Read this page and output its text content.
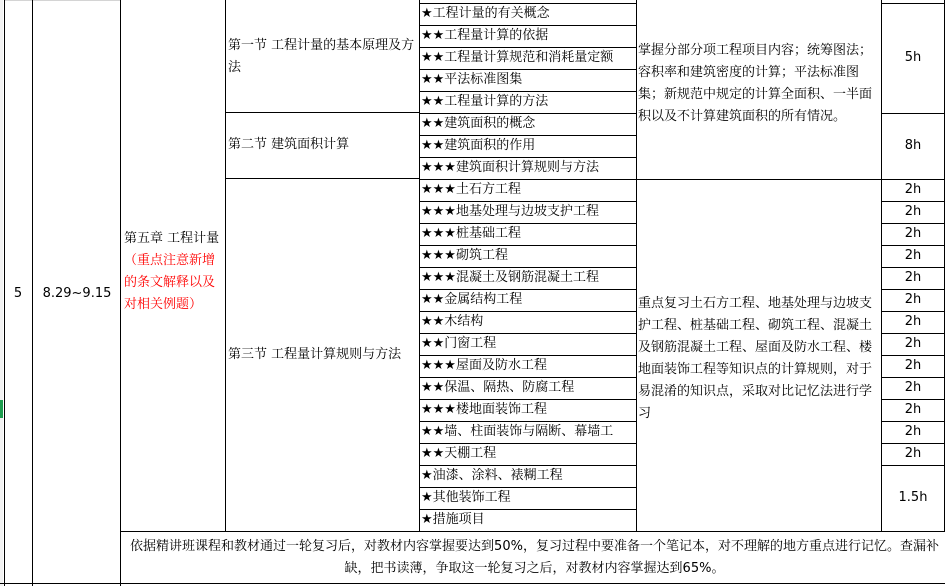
5	8.29~9.15
第五章 工程计量（重点注意新增的条文解释以及对相关例题）
第一节 工程计量的基本原理及方法
第二节 建筑面积计算
第三节 工程量计算规则与方法
★工程计量的有关概念
★★工程量计算的依据
★★工程量计算规范和消耗量定额
★★平法标准图集
★★工程量计算的方法
★★建筑面积的概念
★★建筑面积的作用
★★★建筑面积计算规则与方法
★★★土石方工程
★★★地基处理与边坡支护工程
★★★桩基础工程
★★★砌筑工程
★★★混凝土及钢筋混凝土工程
★★金属结构工程
★★木结构
★★门窗工程
★★★屋面及防水工程
★★保温、隔热、防腐工程
★★★楼地面装饰工程
★★墙、柱面装饰与隔断、幕墙工
★★天棚工程
★油漆、涂料、裱糊工程
★其他装饰工程
★措施项目
掌握分部分项工程项目内容；统筹图法；容积率和建筑密度的计算；平法标准图集；新规范中规定的计算全面积、一半面积以及不计算建筑面积的所有情况。
重点复习土石方工程、地基处理与边坡支护工程、桩基础工程、砌筑工程、混凝土及钢筋混凝土工程、屋面及防水工程、楼地面装饰工程等知识点的计算规则，对于易混淆的知识点，采取对比记忆法进行学习
5h
8h
2h
2h
2h
2h
2h
2h
2h
2h
2h
2h
2h
2h
2h
1.5h
依据精讲班课程和教材通过一轮复习后，对教材内容掌握要达到50%，复习过程中要准备一个笔记本，对不理解的地方重点进行记忆。查漏补缺，把书读薄，争取这一轮复习之后，对教材内容掌握达到65%。
